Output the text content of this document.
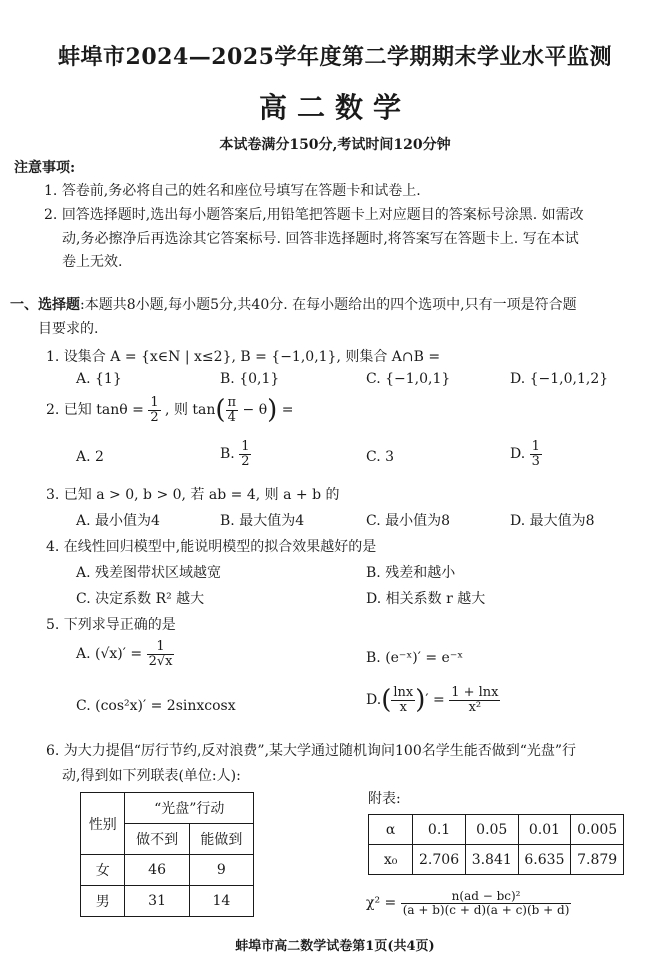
蚌埠市2024—2025学年度第二学期期末学业水平监测
高二数学
本试卷满分150分,考试时间120分钟
注意事项:
1. 答卷前,务必将自己的姓名和座位号填写在答题卡和试卷上.
2. 回答选择题时,选出每小题答案后,用铅笔把答题卡上对应题目的答案标号涂黑. 如需改
动,务必擦净后再选涂其它答案标号. 回答非选择题时,将答案写在答题卡上. 写在本试
卷上无效.
一、选择题:本题共8小题,每小题5分,共40分. 在每小题给出的四个选项中,只有一项是符合题
目要求的.
1. 设集合 A = {x∈N | x≤2}, B = {−1,0,1}, 则集合 A∩B =
A. {1}	B. {0,1}	C. {−1,0,1}	D. {−1,0,1,2}
2. 已知 $\tan\theta = \frac{1}{2}$ , 则 $\tan( \frac{\pi}{4} - \theta)$ =
A. 2	B. $\frac{1}{2}$	C. 3	D. $\frac{1}{3}$
3. 已知 a > 0, b > 0, 若 ab = 4, 则 a + b 的
A. 最小值为4	B. 最大值为4	C. 最小值为8	D. 最大值为8
4. 在线性回归模型中,能说明模型的拟合效果越好的是
A. 残差图带状区域越宽	B. 残差和越小
C. 决定系数 R² 越大	D. 相关系数 r 越大
5. 下列求导正确的是
A. $(√x)' = \frac{1}{2√x}$	B. (e⁻ˣ)′ = e⁻ˣ
C. (cos²x)′ = 2sinxcosx	$D.( \frac{\ln x}{x}$ )′ = $\frac{1 + \ln x}{\text{x²}}$
6. 为大力提倡“厉行节约,反对浪费”,某大学通过随机询问100名学生能否做到“光盘”行
动,得到如下列联表(单位:人):
性别	“光盘”行动	
	做不到	能做到
女	46	9
男	31	14
附表:
α	0.1	0.05	0.01	0.005
x₀	2.706	3.841	6.635	7.879
$\chi^2 = \frac{\text{n(ad − bc)²}}{(a + b)(c + d)(a + c)(b + d)}$
蚌埠市高二数学试卷第1页(共4页)
